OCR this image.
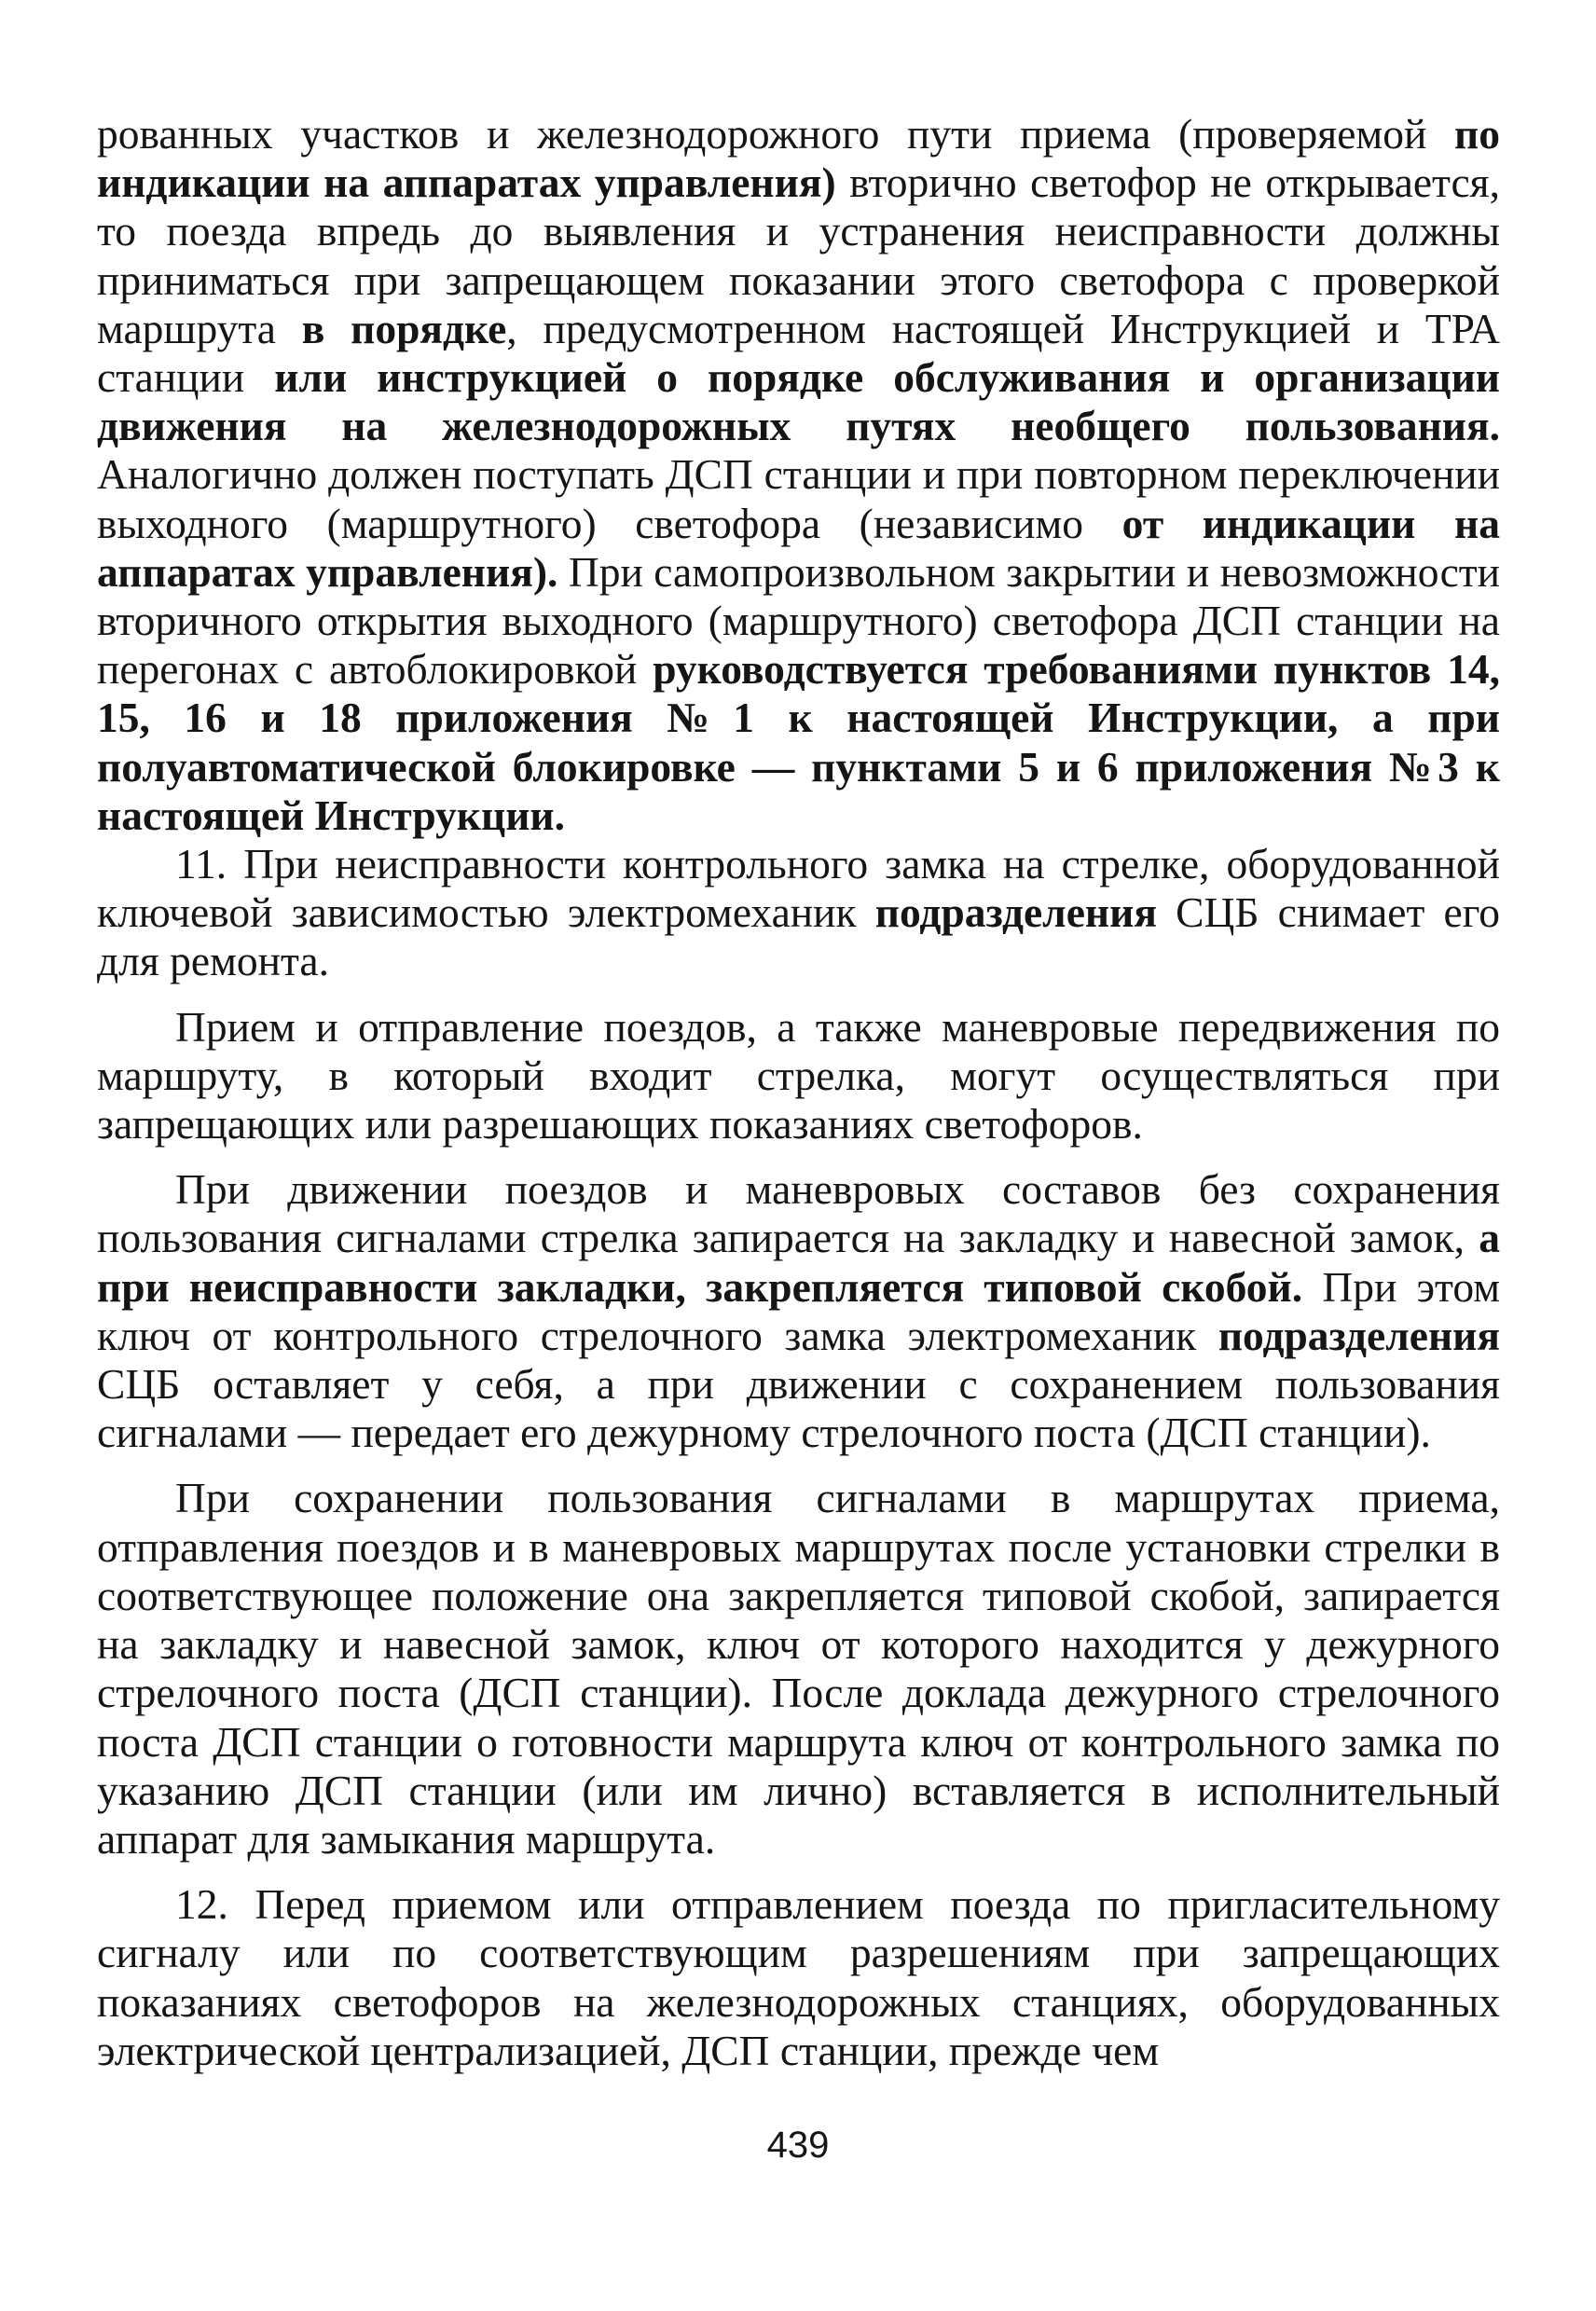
рованных участков и железнодорожного пути приема (проверяемой по индикации на аппаратах управления) вторично светофор не открывается, то поезда впредь до выявления и устранения неисправности должны приниматься при запрещающем показании этого светофора с проверкой маршрута в порядке, предусмотренном настоящей Инструкцией и ТРА станции или инструкцией о порядке обслуживания и организации движения на железнодорожных путях необщего пользования. Аналогично должен поступать ДСП станции и при повторном переключении выходного (маршрутного) светофора (независимо от индикации на аппаратах управления). При самопроизвольном закрытии и невозможности вторичного открытия выходного (маршрутного) светофора ДСП станции на перегонах с автоблокировкой руководствуется требованиями пунктов 14, 15, 16 и 18 приложения №1 к настоящей Инструкции, а при полуавтоматической блокировке — пунктами 5 и 6 приложения №3 к настоящей Инструкции.

11. При неисправности контрольного замка на стрелке, оборудованной ключевой зависимостью электромеханик подразделения СЦБ снимает его для ремонта.

Прием и отправление поездов, а также маневровые передвижения по маршруту, в который входит стрелка, могут осуществляться при запрещающих или разрешающих показаниях светофоров.

При движении поездов и маневровых составов без сохранения пользования сигналами стрелка запирается на закладку и навесной замок, а при неисправности закладки, закрепляется типовой скобой. При этом ключ от контрольного стрелочного замка электромеханик подразделения СЦБ оставляет у себя, а при движении с сохранением пользования сигналами — передает его дежурному стрелочного поста (ДСП станции).

При сохранении пользования сигналами в маршрутах приема, отправления поездов и в маневровых маршрутах после установки стрелки в соответствующее положение она закрепляется типовой скобой, запирается на закладку и навесной замок, ключ от которого находится у дежурного стрелочного поста (ДСП станции). После доклада дежурного стрелочного поста ДСП станции о готовности маршрута ключ от контрольного замка по указанию ДСП станции (или им лично) вставляется в исполнительный аппарат для замыкания маршрута.

12. Перед приемом или отправлением поезда по пригласительному сигналу или по соответствующим разрешениям при запрещающих показаниях светофоров на железнодорожных станциях, оборудованных электрической централизацией, ДСП станции, прежде чем

439
